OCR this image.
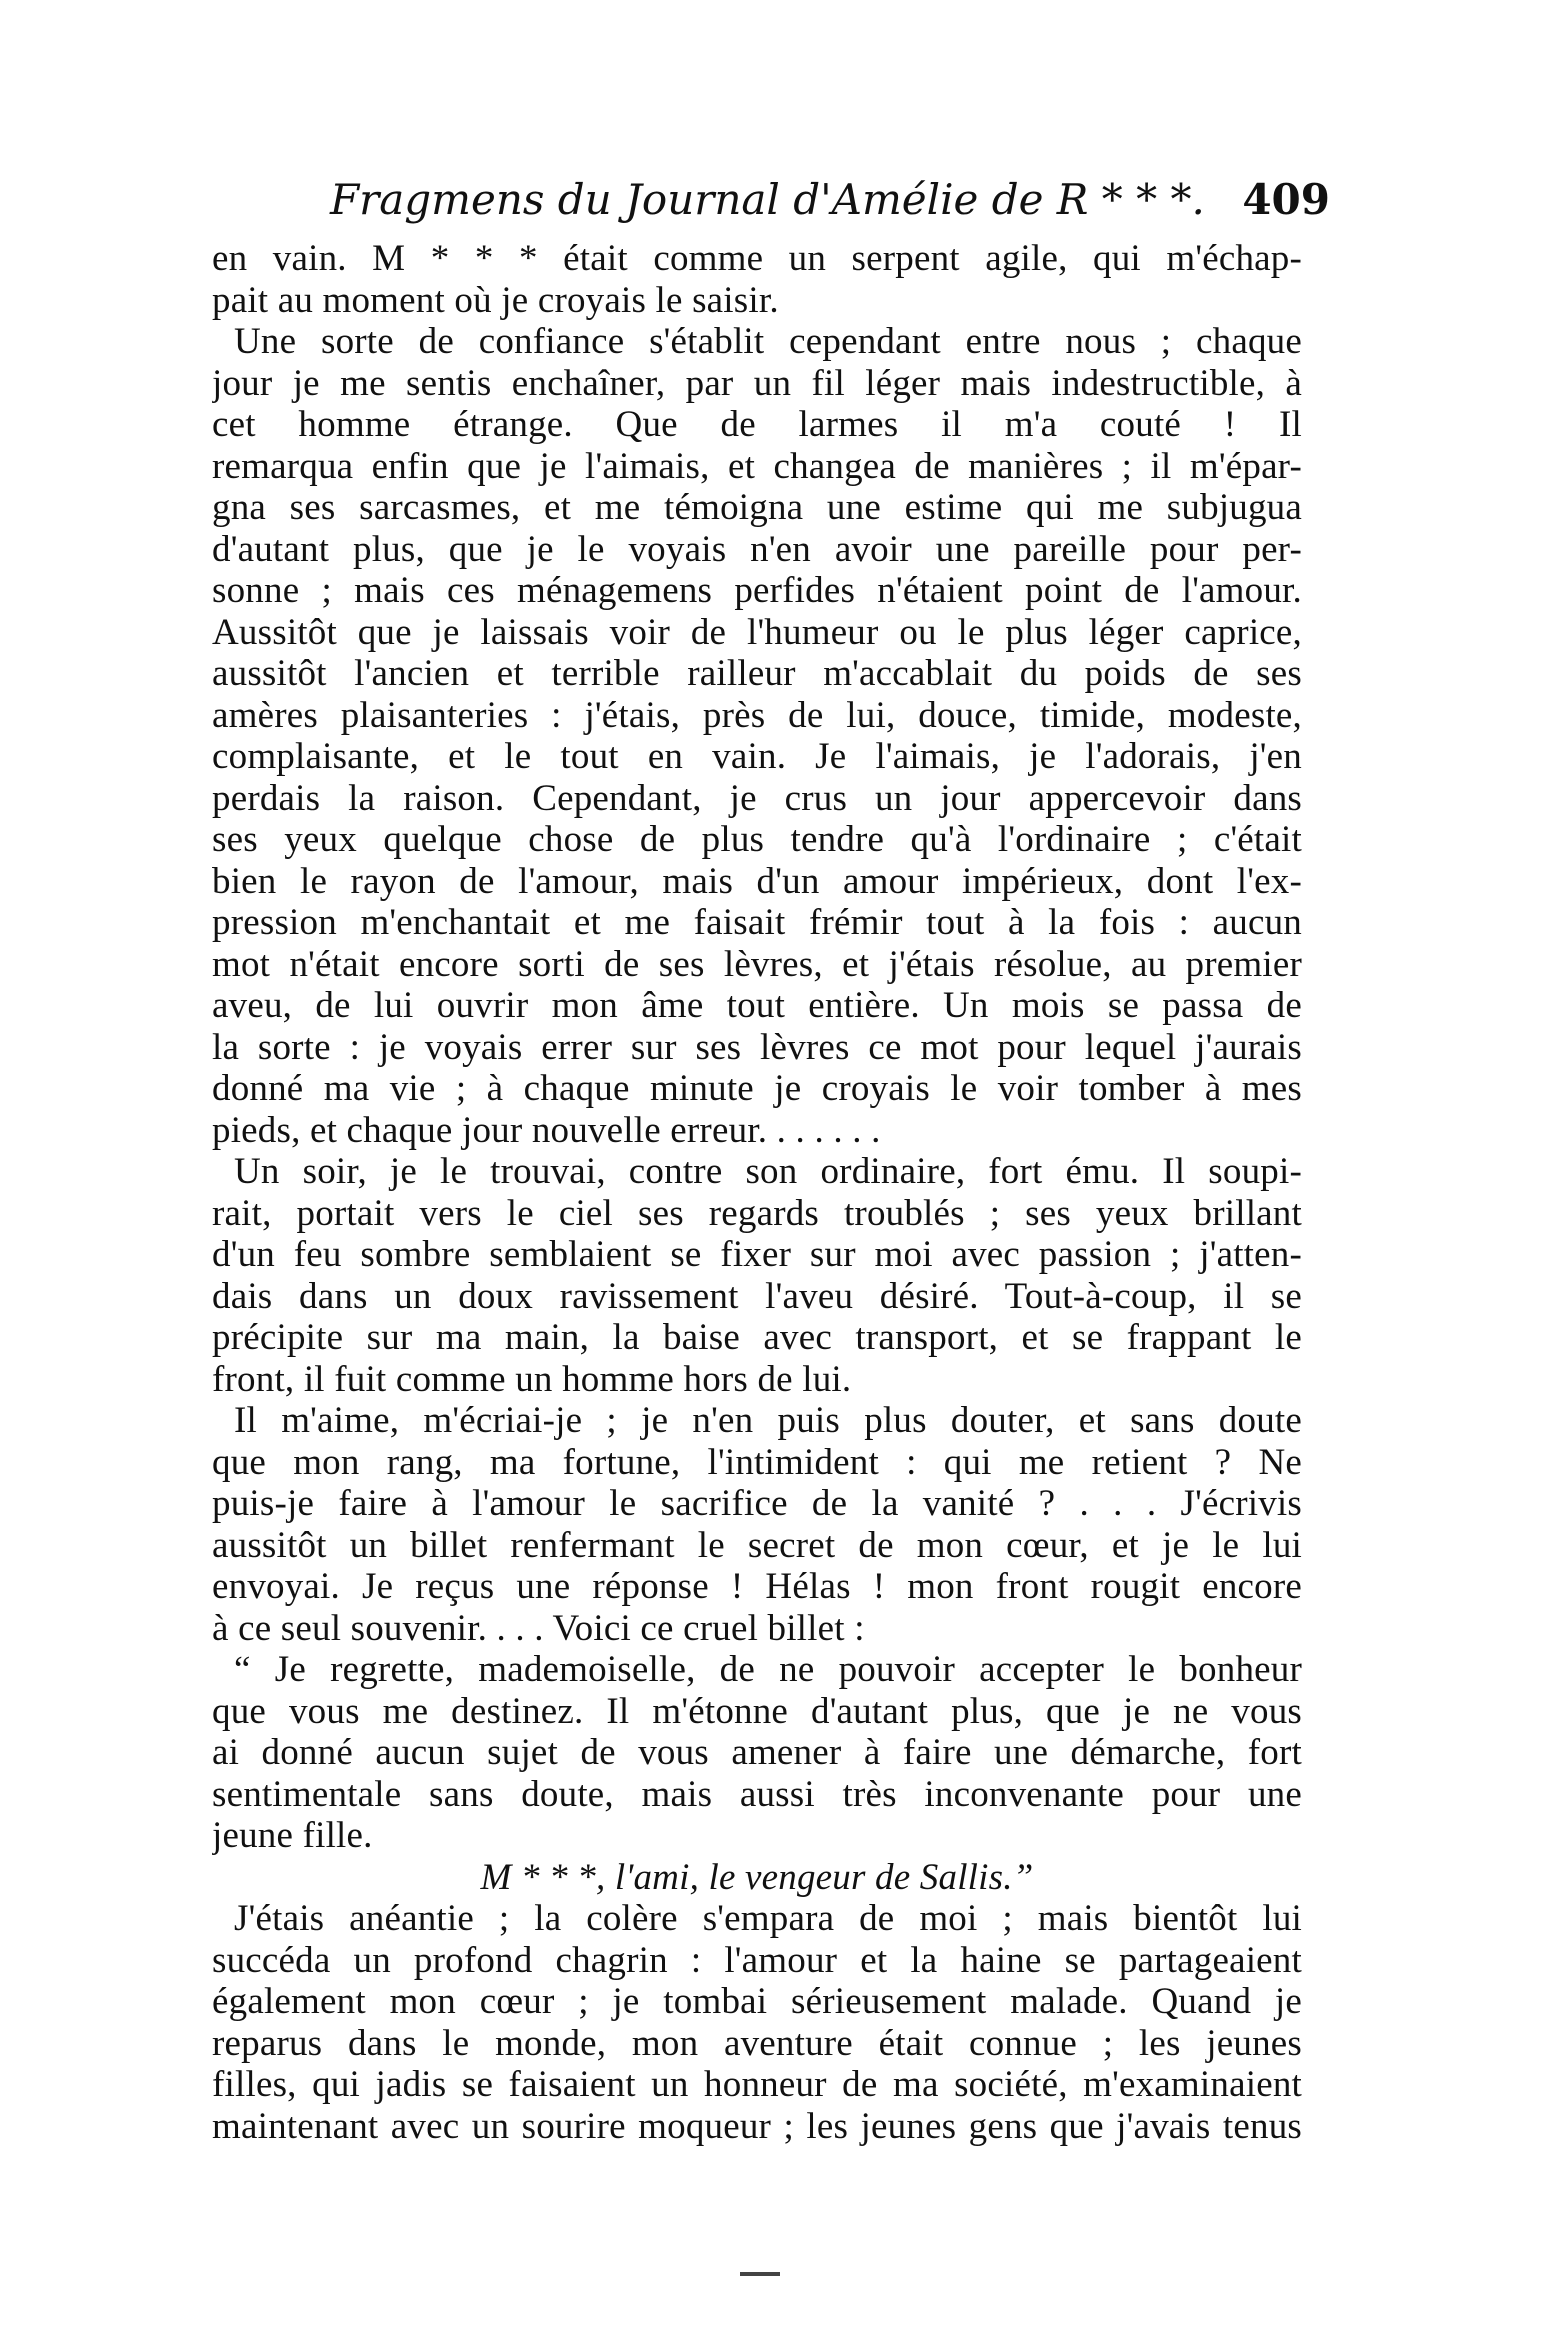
Fragmens du Journal d'Amélie de R * * *. 409
en vain. M * * * était comme un serpent agile, qui m'échap-
pait au moment où je croyais le saisir.
Une sorte de confiance s'établit cependant entre nous ; chaque
jour je me sentis enchaîner, par un fil léger mais indestructible, à
cet homme étrange. Que de larmes il m'a couté ! Il
remarqua enfin que je l'aimais, et changea de manières ; il m'épar-
gna ses sarcasmes, et me témoigna une estime qui me subjugua
d'autant plus, que je le voyais n'en avoir une pareille pour per-
sonne ; mais ces ménagemens perfides n'étaient point de l'amour.
Aussitôt que je laissais voir de l'humeur ou le plus léger caprice,
aussitôt l'ancien et terrible railleur m'accablait du poids de ses
amères plaisanteries : j'étais, près de lui, douce, timide, modeste,
complaisante, et le tout en vain. Je l'aimais, je l'adorais, j'en
perdais la raison. Cependant, je crus un jour appercevoir dans
ses yeux quelque chose de plus tendre qu'à l'ordinaire ; c'était
bien le rayon de l'amour, mais d'un amour impérieux, dont l'ex-
pression m'enchantait et me faisait frémir tout à la fois : aucun
mot n'était encore sorti de ses lèvres, et j'étais résolue, au premier
aveu, de lui ouvrir mon âme tout entière. Un mois se passa de
la sorte : je voyais errer sur ses lèvres ce mot pour lequel j'aurais
donné ma vie ; à chaque minute je croyais le voir tomber à mes
pieds, et chaque jour nouvelle erreur. . . . . . .
Un soir, je le trouvai, contre son ordinaire, fort ému. Il soupi-
rait, portait vers le ciel ses regards troublés ; ses yeux brillant
d'un feu sombre semblaient se fixer sur moi avec passion ; j'atten-
dais dans un doux ravissement l'aveu désiré. Tout-à-coup, il se
précipite sur ma main, la baise avec transport, et se frappant le
front, il fuit comme un homme hors de lui.
Il m'aime, m'écriai-je ; je n'en puis plus douter, et sans doute
que mon rang, ma fortune, l'intimident : qui me retient ? Ne
puis-je faire à l'amour le sacrifice de la vanité ? . . . J'écrivis
aussitôt un billet renfermant le secret de mon cœur, et je le lui
envoyai. Je reçus une réponse ! Hélas ! mon front rougit encore
à ce seul souvenir. . . . Voici ce cruel billet :
“ Je regrette, mademoiselle, de ne pouvoir accepter le bonheur
que vous me destinez. Il m'étonne d'autant plus, que je ne vous
ai donné aucun sujet de vous amener à faire une démarche, fort
sentimentale sans doute, mais aussi très inconvenante pour une
jeune fille.
M * * *, l'ami, le vengeur de Sallis.”
J'étais anéantie ; la colère s'empara de moi ; mais bientôt lui
succéda un profond chagrin : l'amour et la haine se partageaient
également mon cœur ; je tombai sérieusement malade. Quand je
reparus dans le monde, mon aventure était connue ; les jeunes
filles, qui jadis se faisaient un honneur de ma société, m'examinaient
maintenant avec un sourire moqueur ; les jeunes gens que j'avais tenus
